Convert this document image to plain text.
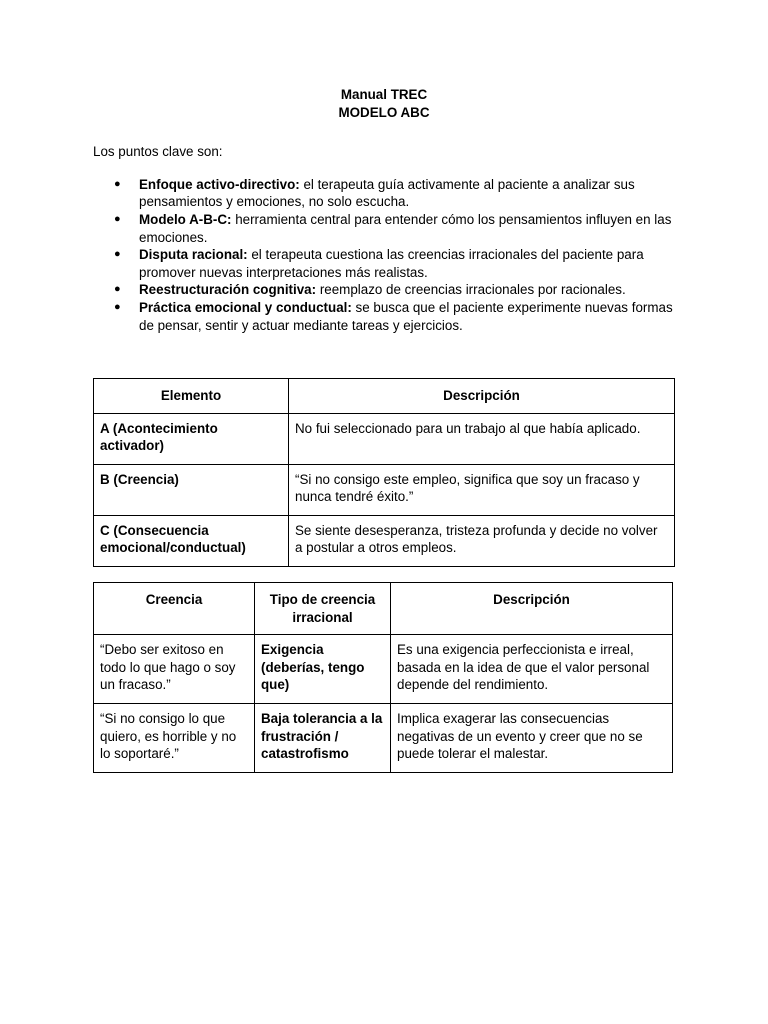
Manual TREC

MODELO ABC

Los puntos clave son:

● Enfoque activo-directivo: el terapeuta guía activamente al paciente a analizar sus pensamientos y emociones, no solo escucha.
● Modelo A-B-C: herramienta central para entender cómo los pensamientos influyen en las emociones.
● Disputa racional: el terapeuta cuestiona las creencias irracionales del paciente para promover nuevas interpretaciones más realistas.
● Reestructuración cognitiva: reemplazo de creencias irracionales por racionales.
● Práctica emocional y conductual: se busca que el paciente experimente nuevas formas de pensar, sentir y actuar mediante tareas y ejercicios.
Elemento	Descripción
A (Acontecimiento activador)	No fui seleccionado para un trabajo al que había aplicado.
B (Creencia)	“Si no consigo este empleo, significa que soy un fracaso y nunca tendré éxito.”
C (Consecuencia emocional/conductual)	Se siente desesperanza, tristeza profunda y decide no volver a postular a otros empleos.
Creencia	Tipo de creencia irracional	Descripción
“Debo ser exitoso en todo lo que hago o soy un fracaso.”	Exigencia (deberías, tengo que)	Es una exigencia perfeccionista e irreal, basada en la idea de que el valor personal depende del rendimiento.
“Si no consigo lo que quiero, es horrible y no lo soportaré.”	Baja tolerancia a la frustración / catastrofismo	Implica exagerar las consecuencias negativas de un evento y creer que no se puede tolerar el malestar.
